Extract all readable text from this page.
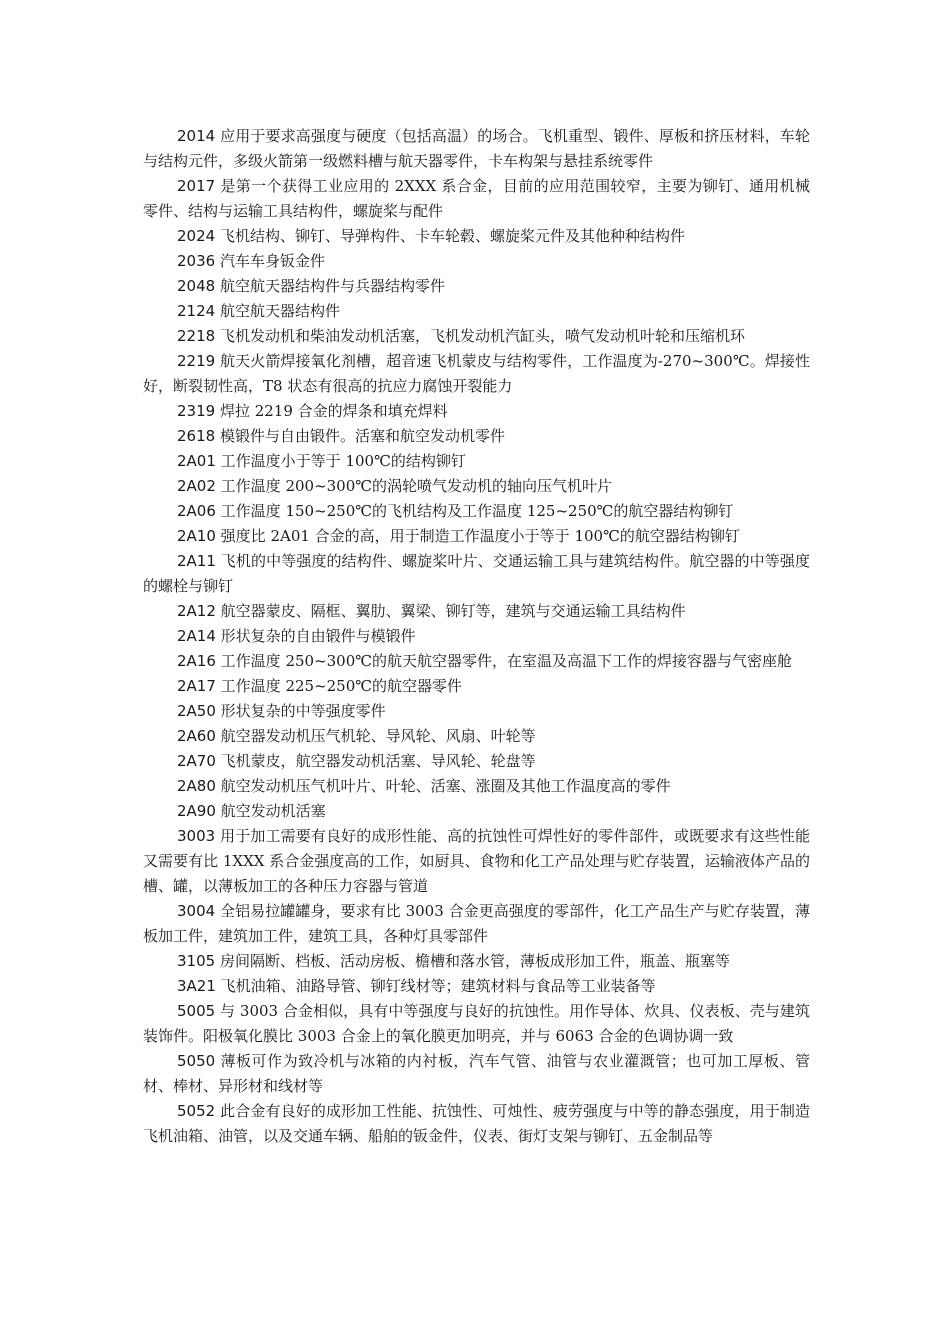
2014 应用于要求高强度与硬度（包括高温）的场合。飞机重型、锻件、厚板和挤压材料，车轮与结构元件，多级火箭第一级燃料槽与航天器零件，卡车构架与悬挂系统零件

2017 是第一个获得工业应用的 2XXX 系合金，目前的应用范围较窄，主要为铆钉、通用机械零件、结构与运输工具结构件，螺旋桨与配件

2024 飞机结构、铆钉、导弹构件、卡车轮毂、螺旋桨元件及其他种种结构件

2036 汽车车身钣金件

2048 航空航天器结构件与兵器结构零件

2124 航空航天器结构件

2218 飞机发动机和柴油发动机活塞，飞机发动机汽缸头，喷气发动机叶轮和压缩机环

2219 航天火箭焊接氧化剂槽，超音速飞机蒙皮与结构零件，工作温度为-270~300℃。焊接性好，断裂韧性高，T8 状态有很高的抗应力腐蚀开裂能力

2319 焊拉 2219 合金的焊条和填充焊料

2618 模锻件与自由锻件。活塞和航空发动机零件

2A01 工作温度小于等于 100℃的结构铆钉

2A02 工作温度 200~300℃的涡轮喷气发动机的轴向压气机叶片

2A06 工作温度 150~250℃的飞机结构及工作温度 125~250℃的航空器结构铆钉

2A10 强度比 2A01 合金的高，用于制造工作温度小于等于 100℃的航空器结构铆钉

2A11 飞机的中等强度的结构件、螺旋桨叶片、交通运输工具与建筑结构件。航空器的中等强度的螺栓与铆钉

2A12 航空器蒙皮、隔框、翼肋、翼梁、铆钉等，建筑与交通运输工具结构件

2A14 形状复杂的自由锻件与模锻件

2A16 工作温度 250~300℃的航天航空器零件，在室温及高温下工作的焊接容器与气密座舱

2A17 工作温度 225~250℃的航空器零件

2A50 形状复杂的中等强度零件

2A60 航空器发动机压气机轮、导风轮、风扇、叶轮等

2A70 飞机蒙皮，航空器发动机活塞、导风轮、轮盘等

2A80 航空发动机压气机叶片、叶轮、活塞、涨圈及其他工作温度高的零件

2A90 航空发动机活塞

3003 用于加工需要有良好的成形性能、高的抗蚀性可焊性好的零件部件，或既要求有这些性能又需要有比 1XXX 系合金强度高的工作，如厨具、食物和化工产品处理与贮存装置，运输液体产品的槽、罐，以薄板加工的各种压力容器与管道

3004 全铝易拉罐罐身，要求有比 3003 合金更高强度的零部件，化工产品生产与贮存装置，薄板加工件，建筑加工件，建筑工具，各种灯具零部件

3105 房间隔断、档板、活动房板、檐槽和落水管，薄板成形加工件，瓶盖、瓶塞等

3A21 飞机油箱、油路导管、铆钉线材等；建筑材料与食品等工业装备等

5005 与 3003 合金相似，具有中等强度与良好的抗蚀性。用作导体、炊具、仪表板、壳与建筑装饰件。阳极氧化膜比 3003 合金上的氧化膜更加明亮，并与 6063 合金的色调协调一致

5050 薄板可作为致冷机与冰箱的内衬板，汽车气管、油管与农业灌溉管；也可加工厚板、管材、棒材、异形材和线材等

5052 此合金有良好的成形加工性能、抗蚀性、可烛性、疲劳强度与中等的静态强度，用于制造飞机油箱、油管，以及交通车辆、船舶的钣金件，仪表、街灯支架与铆钉、五金制品等
